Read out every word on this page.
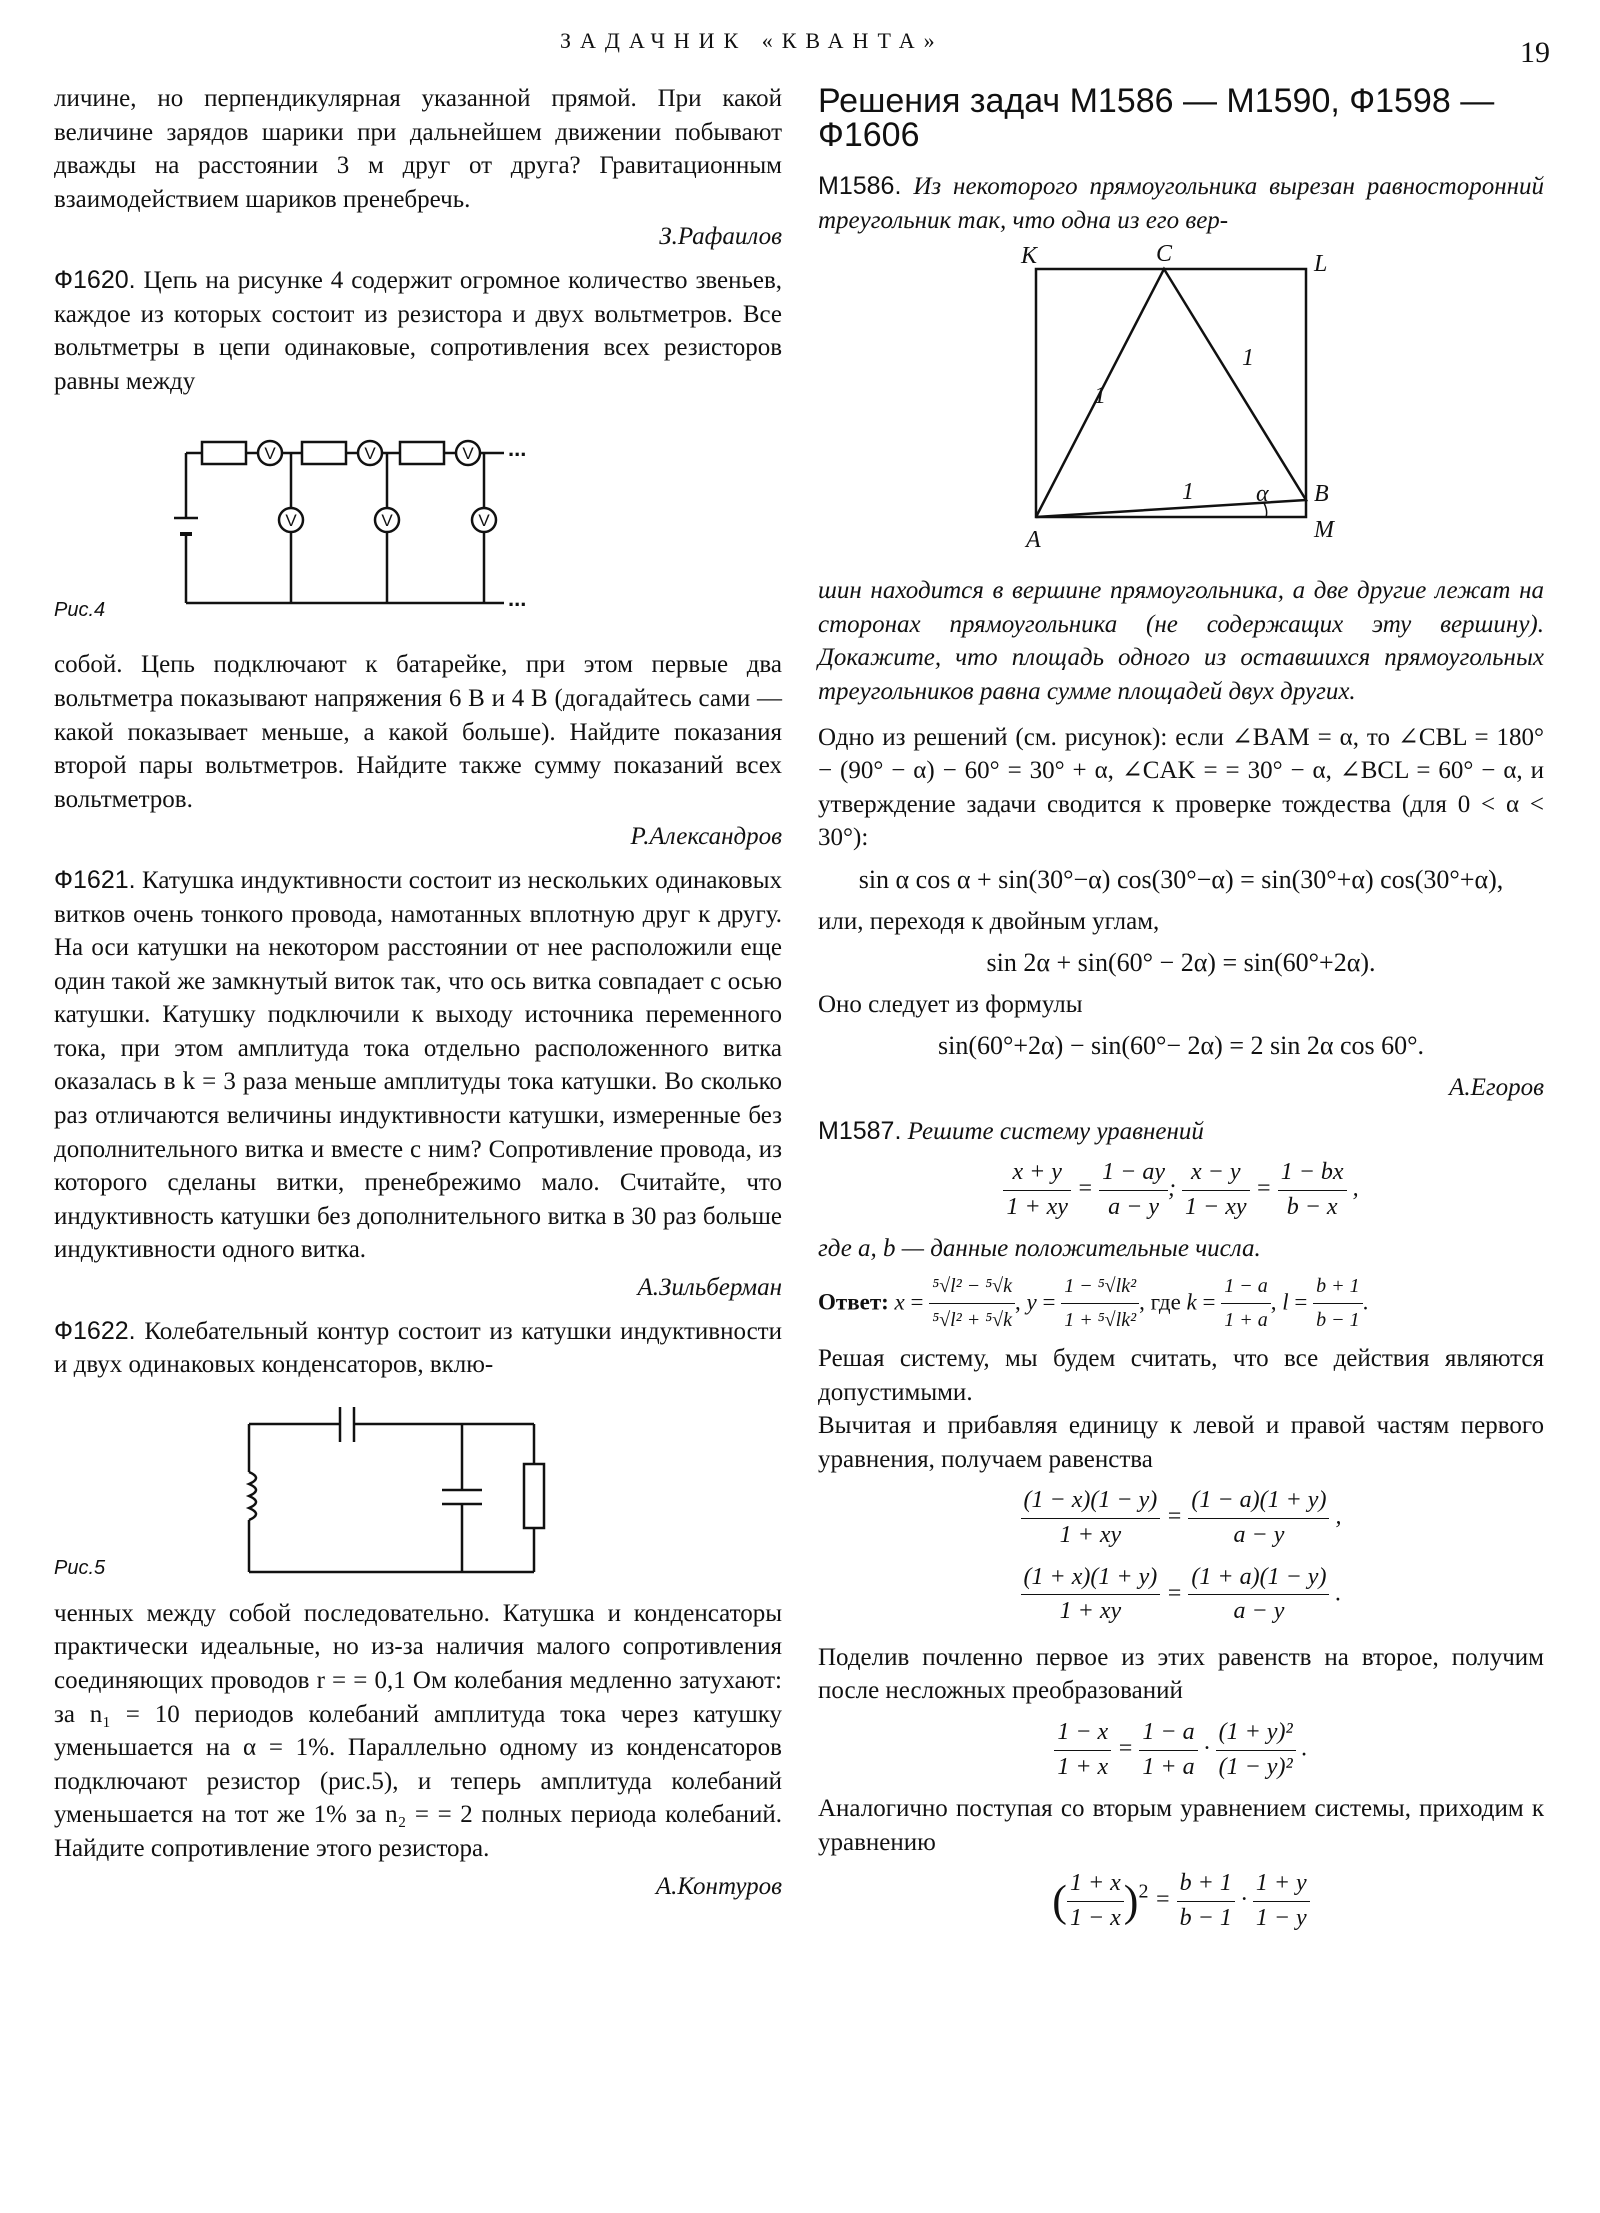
ЗАДАЧНИК «КВАНТА»	19

личине, но перпендикулярная указанной прямой. При какой величине зарядов шарики при дальнейшем движении побывают дважды на расстоянии 3 м друг от друга? Гравитационным взаимодействием шариков пренебречь.

З.Рафаилов

Ф1620. Цепь на рисунке 4 содержит огромное количество звеньев, каждое из которых состоит из резистора и двух вольтметров. Все вольтметры в цепи одинаковые, сопротивления всех резисторов равны между

V	V	V
V	V	V
...
...
Рис.4

собой. Цепь подключают к батарейке, при этом первые два вольтметра показывают напряжения 6 В и 4 В (догадайтесь сами — какой показывает меньше, а какой больше). Найдите показания второй пары вольтметров. Найдите также сумму показаний всех вольтметров.

Р.Александров

Ф1621. Катушка индуктивности состоит из нескольких одинаковых витков очень тонкого провода, намотанных вплотную друг к другу. На оси катушки на некотором расстоянии от нее расположили еще один такой же замкнутый виток так, что ось витка совпадает с осью катушки. Катушку подключили к выходу источника переменного тока, при этом амплитуда тока отдельно расположенного витка оказалась в k = 3 раза меньше амплитуды тока катушки. Во сколько раз отличаются величины индуктивности катушки, измеренные без дополнительного витка и вместе с ним? Сопротивление провода, из которого сделаны витки, пренебрежимо мало. Считайте, что индуктивность катушки без дополнительного витка в 30 раз больше индуктивности одного витка.

А.Зильберман

Ф1622. Колебательный контур состоит из катушки индуктивности и двух одинаковых конденсаторов, вклю-

Рис.5

ченных между собой последовательно. Катушка и конденсаторы практически идеальные, но из-за наличия малого сопротивления соединяющих проводов r = = 0,1 Ом колебания медленно затухают: за n₁ = 10 периодов колебаний амплитуда тока через катушку уменьшается на α = 1%. Параллельно одному из конденсаторов подключают резистор (рис.5), и теперь амплитуда колебаний уменьшается на тот же 1% за n₂ = = 2 полных периода колебаний. Найдите сопротивление этого резистора.

А.Контуров
Решения задач М1586 — М1590, Ф1598 — Ф1606

М1586. Из некоторого прямоугольника вырезан равносторонний треугольник так, что одна из его вер-

K	C	L
A
B
M
1
1
1	α

шин находится в вершине прямоугольника, а две другие лежат на сторонах прямоугольника (не содержащих эту вершину). Докажите, что площадь одного из оставшихся прямоугольных треугольников равна сумме площадей двух других.

Одно из решений (см. рисунок): если ∠BAM = α, то ∠CBL = 180° − (90° − α) − 60° = 30° + α, ∠CAK = = 30° − α, ∠BCL = 60° − α, и утверждение задачи сводится к проверке тождества (для 0 < α < 30°):

sin α cos α + sin(30°−α) cos(30°−α) = sin(30°+α) cos(30°+α),

или, переходя к двойным углам,

sin 2α + sin(60° − 2α) = sin(60°+2α).

Оно следует из формулы

sin(60°+2α) − sin(60°− 2α) = 2 sin 2α cos 60°.
А.Егоров

М1587. Решите систему уравнений

$\frac{x + y}{1 + xy} = \frac{1 - ay}{a - y}$ ; $\frac{x - y}{1 - xy} = \frac{1 - bx}{b - x}$ ,

где a, b — данные положительные числа.

Ответ: $x = \frac{\text{⁵√l² − ⁵√k}}{\text{⁵√l² + ⁵√k}}$ , $y = \frac{\text{1 − ⁵√lk²}}{\text{1 + ⁵√lk²}}$ , где $k = \frac{1 - a}{1 + a}$ , $l = \frac{b + 1}{b - 1}$ .

Решая систему, мы будем считать, что все действия являются допустимыми.

Вычитая и прибавляя единицу к левой и правой частям первого уравнения, получаем равенства

$\frac{(1 - x)(1 - y)}{1 + xy} = \frac{(1 - a)(1 + y)}{a - y}$ ,
$\frac{(1 + x)(1 + y)}{1 + xy} = \frac{(1 + a)(1 - y)}{a - y}$ .

Поделив почленно первое из этих равенств на второе, получим после несложных преобразований

$\frac{1 - x}{1 + x} = \frac{1 - a}{1 + a} \cdot \frac{\text{(1 + y)²}}{\text{(1 − y)²}}$ .

Аналогично поступая со вторым уравнением системы, приходим к уравнению

( $\frac{1 + x}{1 - x} )^2 = \frac{b + 1}{b - 1} \cdot \frac{1 + y}{1 - y}$
